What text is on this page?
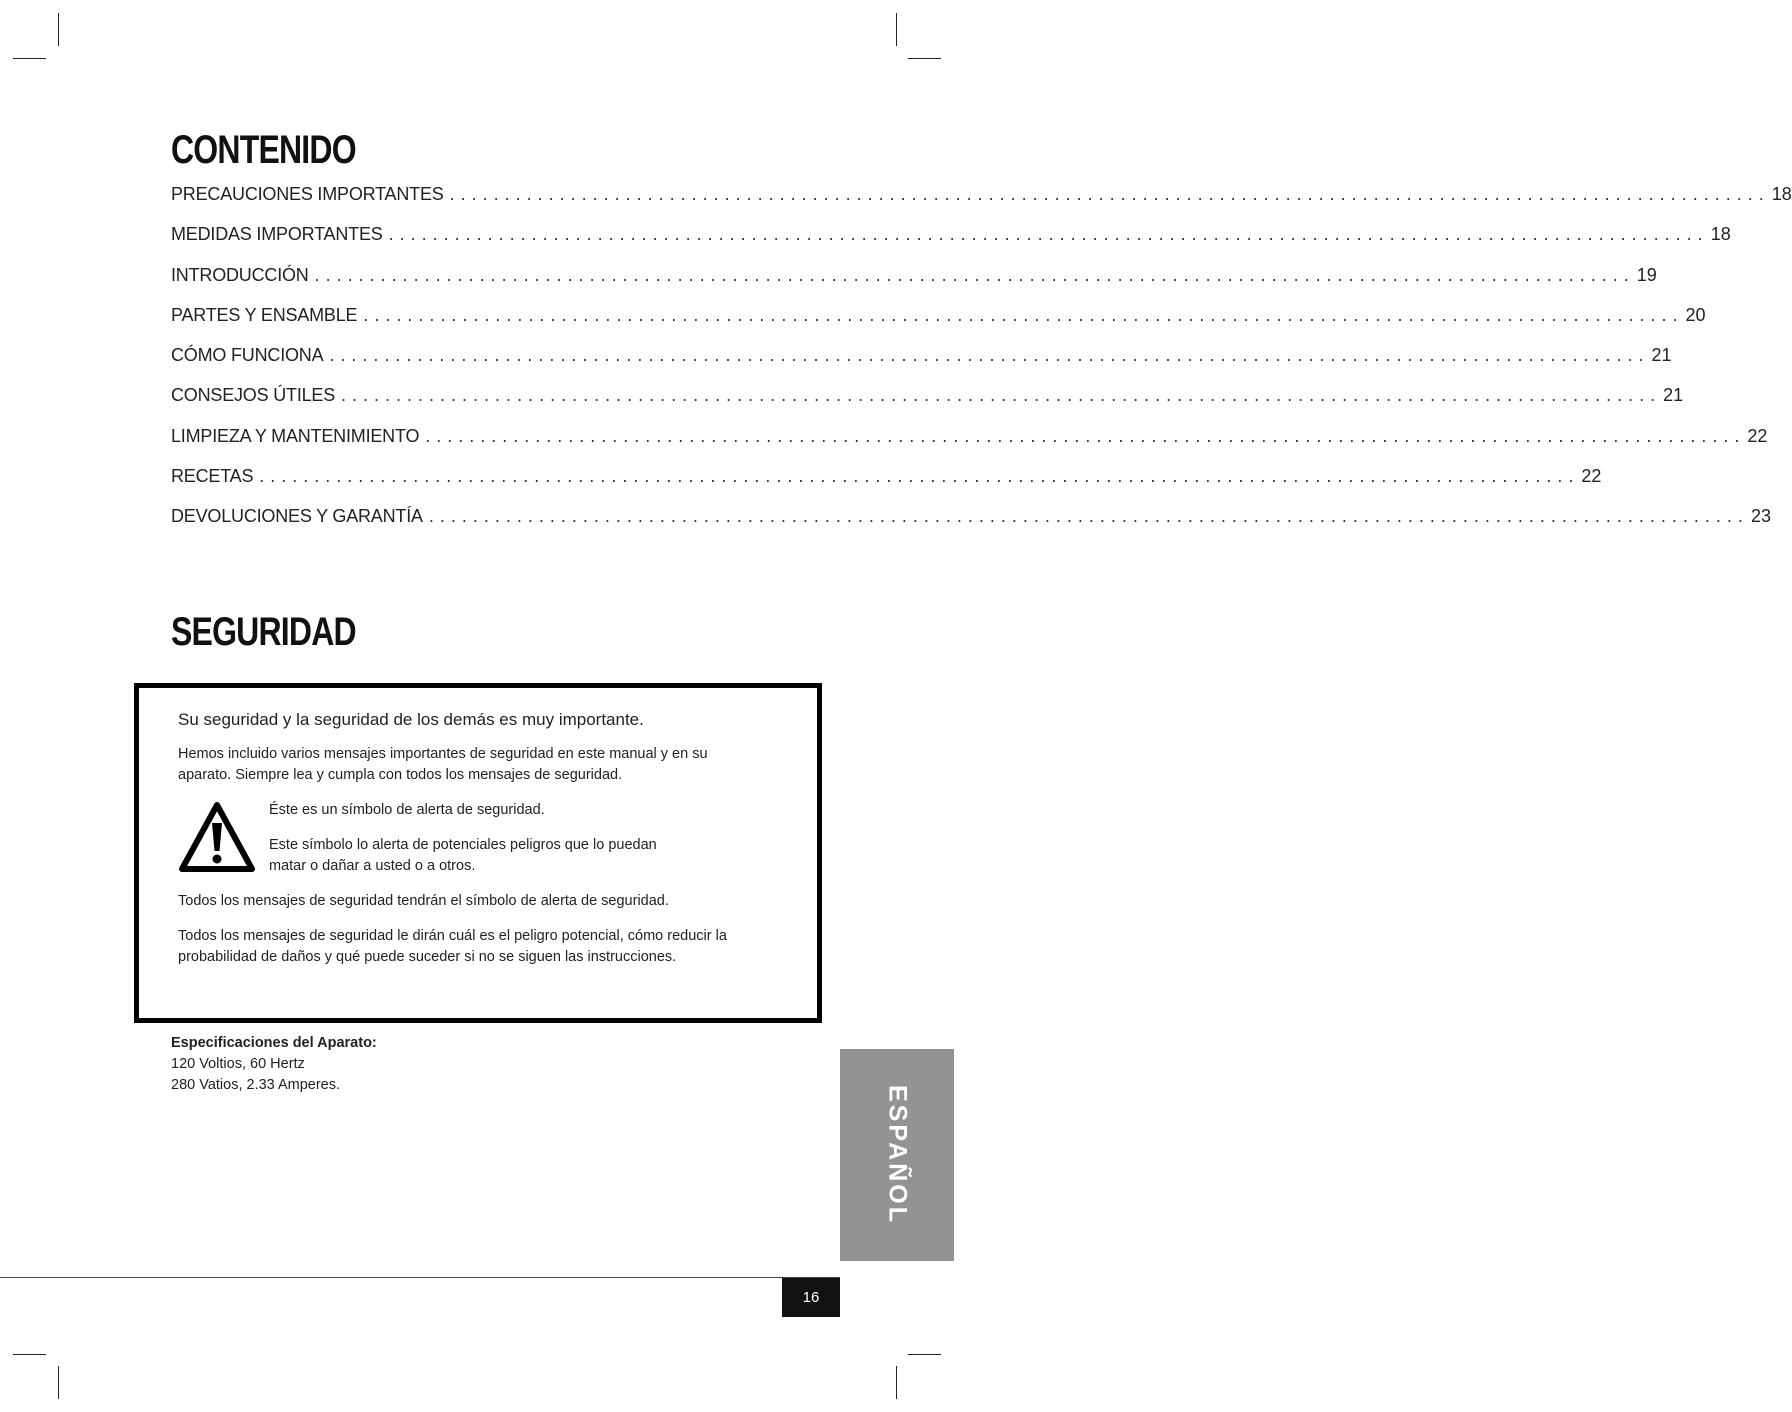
CONTENIDO
PRECAUCIONES IMPORTANTES ........................................................................................................................ 18
MEDIDAS IMPORTANTES ........................................................................................................................ 18
INTRODUCCIÓN ........................................................................................................................ 19
PARTES Y ENSAMBLE ........................................................................................................................ 20
CÓMO FUNCIONA ........................................................................................................................ 21
CONSEJOS ÚTILES ........................................................................................................................ 21
LIMPIEZA Y MANTENIMIENTO ........................................................................................................................ 22
RECETAS ........................................................................................................................ 22
DEVOLUCIONES Y GARANTÍA ........................................................................................................................ 23
SEGURIDAD

Su seguridad y la seguridad de los demás es muy importante.

Hemos incluido varios mensajes importantes de seguridad en este manual y en su aparato. Siempre lea y cumpla con todos los mensajes de seguridad.

Éste es un símbolo de alerta de seguridad.

Este símbolo lo alerta de potenciales peligros que lo puedan matar o dañar a usted o a otros.

Todos los mensajes de seguridad tendrán el símbolo de alerta de seguridad.

Todos los mensajes de seguridad le dirán cuál es el peligro potencial, cómo reducir la probabilidad de daños y qué puede suceder si no se siguen las instrucciones.

Especificaciones del Aparato:
120 Voltios, 60 Hertz
280 Vatios, 2.33 Amperes.	ESPAÑOL
16
